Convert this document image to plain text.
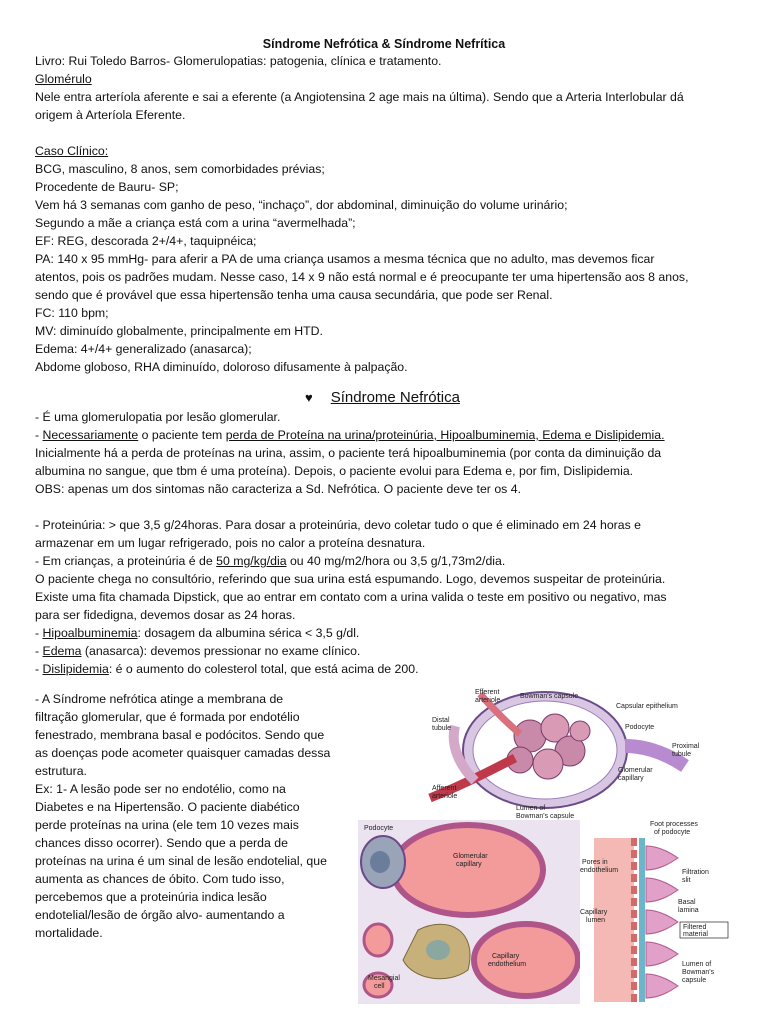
Síndrome Nefrótica & Síndrome Nefrítica
Livro: Rui Toledo Barros- Glomerulopatias: patogenia, clínica e tratamento.
Glomérulo
Nele entra arteríola aferente e sai a eferente (a Angiotensina 2 age mais na última). Sendo que a Arteria Interlobular dá
origem à Arteríola Eferente.
Caso Clínico:
BCG, masculino, 8 anos, sem comorbidades prévias;
Procedente de Bauru- SP;
Vem há 3 semanas com ganho de peso, “inchaço”, dor abdominal, diminuição do volume urinário;
Segundo a mãe a criança está com a urina “avermelhada”;
EF: REG, descorada 2+/4+, taquipnéica;
PA: 140 x 95 mmHg- para aferir a PA de uma criança usamos a mesma técnica que no adulto, mas devemos ficar
atentos, pois os padrões mudam. Nesse caso, 14 x 9 não está normal e é preocupante ter uma hipertensão aos 8 anos,
sendo que é provável que essa hipertensão tenha uma causa secundária, que pode ser Renal.
FC: 110 bpm;
MV: diminuído globalmente, principalmente em HTD.
Edema: 4+/4+ generalizado (anasarca);
Abdome globoso, RHA diminuído, doloroso difusamente à palpação.
♥ Síndrome Nefrótica
- É uma glomerulopatia por lesão glomerular.
- Necessariamente o paciente tem perda de Proteína na urina/proteinúria, Hipoalbuminemia, Edema e Dislipidemia.
Inicialmente há a perda de proteínas na urina, assim, o paciente terá hipoalbuminemia (por conta da diminuição da
albumina no sangue, que tbm é uma proteína). Depois, o paciente evolui para Edema e, por fim, Dislipidemia.
OBS: apenas um dos sintomas não caracteriza a Sd. Nefrótica. O paciente deve ter os 4.
- Proteinúria: > que 3,5 g/24horas. Para dosar a proteinúria, devo coletar tudo o que é eliminado em 24 horas e
armazenar em um lugar refrigerado, pois no calor a proteína desnatura.
- Em crianças, a proteinúria é de 50 mg/kg/dia ou 40 mg/m2/hora ou 3,5 g/1,73m2/dia.
O paciente chega no consultório, referindo que sua urina está espumando. Logo, devemos suspeitar de proteinúria.
Existe uma fita chamada Dipstick, que ao entrar em contato com a urina valida o teste em positivo ou negativo, mas
para ser fidedigna, devemos dosar as 24 horas.
- Hipoalbuminemia: dosagem da albumina sérica < 3,5 g/dl.
- Edema (anasarca): devemos pressionar no exame clínico.
- Dislipidemia: é o aumento do colesterol total, que está acima de 200.
- A Síndrome nefrótica atinge a membrana de
filtração glomerular, que é formada por endotélio
fenestrado, membrana basal e podócitos. Sendo que
as doenças pode acometer quaisquer camadas dessa
estrutura.
Ex: 1- A lesão pode ser no endotélio, como na
Diabetes e na Hipertensão. O paciente diabético
perde proteínas na urina (ele tem 10 vezes mais
chances disso ocorrer). Sendo que a perda de
proteínas na urina é um sinal de lesão endotelial, que
aumenta as chances de óbito. Com tudo isso,
percebemos que a proteinúria indica lesão
endotelial/lesão de órgão alvo- aumentando a
mortalidade.
Bowman's capsule
Efferent
arteriole
Capsular epithelium
Distal
tubule	Podocyte
Proximal
tubule
Glomerular
capillary
Afferent
arteriole
Lumen of
Bowman's capsule
Podocyte
Glomerular
capillary
Capillary
endothelium
Mesangial
cell
Foot processes
of podocyte
Pores in
endothelium	Filtration
slit
Basal
lamina
Capillary
lumen
Filtered
material
Lumen of
Bowman's
capsule
